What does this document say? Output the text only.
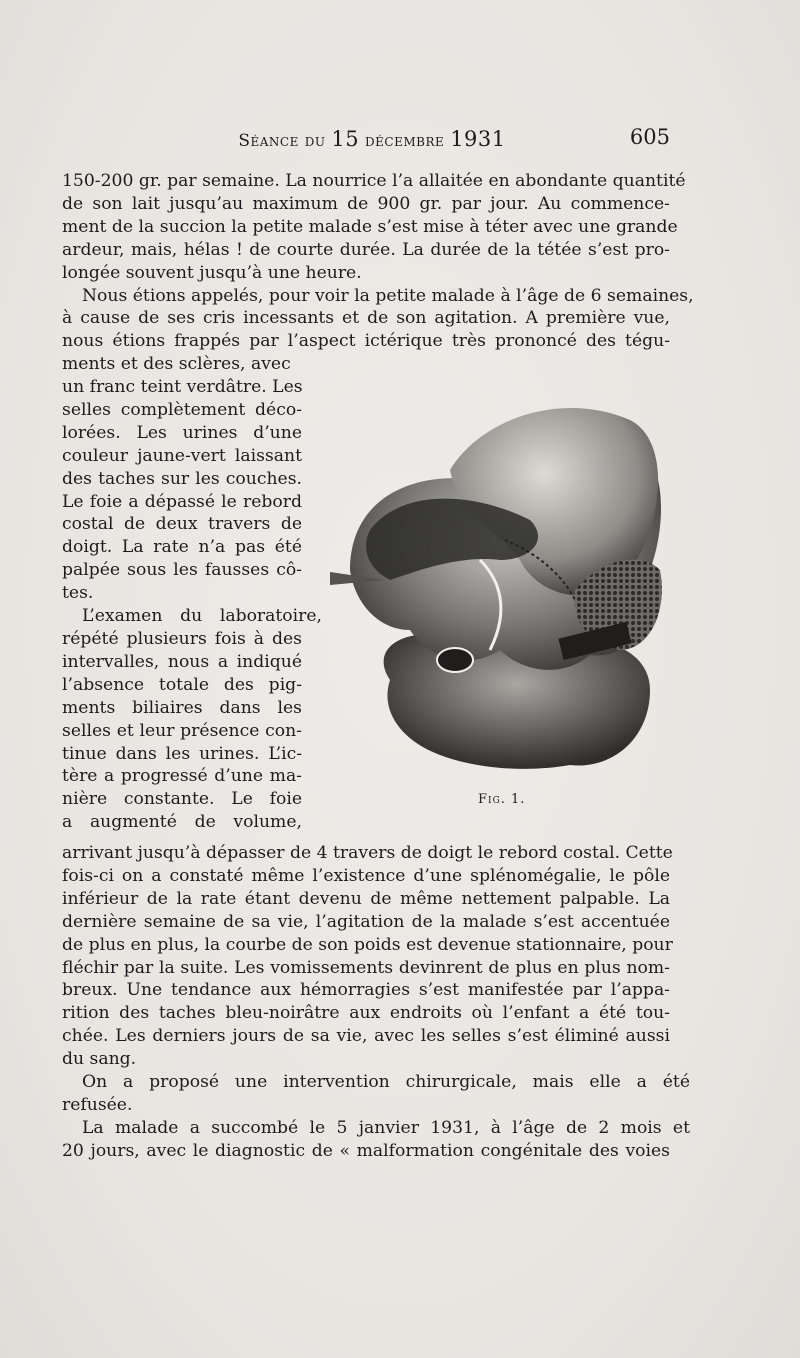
Séance du 15 décembre 1931	605
150-200 gr. par semaine. La nourrice l’a allaitée en abondante quantité
de son lait jusqu’au maximum de 900 gr. par jour. Au commence-
ment de la succion la petite malade s’est mise à téter avec une grande
ardeur, mais, hélas ! de courte durée. La durée de la tétée s’est pro-
longée souvent jusqu’à une heure.
Nous étions appelés, pour voir la petite malade à l’âge de 6 semaines,
à cause de ses cris incessants et de son agitation. A première vue,
nous étions frappés par l’aspect ictérique très prononcé des tégu-
ments et des sclères, avec
un franc teint verdâtre. Les
selles complètement déco-
lorées. Les urines d’une
couleur jaune-vert laissant
des taches sur les couches.
Le foie a dépassé le rebord
costal de deux travers de
doigt. La rate n’a pas été
palpée sous les fausses cô-
tes.
L’examen du laboratoire,
répété plusieurs fois à des
intervalles, nous a indiqué
l’absence totale des pig-
ments biliaires dans les
selles et leur présence con-
tinue dans les urines. L’ic-
tère a progressé d’une ma-
nière constante. Le foie
a augmenté de volume,
Fig. 1.
arrivant jusqu’à dépasser de 4 travers de doigt le rebord costal. Cette
fois-ci on a constaté même l’existence d’une splénomégalie, le pôle
inférieur de la rate étant devenu de même nettement palpable. La
dernière semaine de sa vie, l’agitation de la malade s’est accentuée
de plus en plus, la courbe de son poids est devenue stationnaire, pour
fléchir par la suite. Les vomissements devinrent de plus en plus nom-
breux. Une tendance aux hémorragies s’est manifestée par l’appa-
rition des taches bleu-noirâtre aux endroits où l’enfant a été tou-
chée. Les derniers jours de sa vie, avec les selles s’est éliminé aussi
du sang.
On a proposé une intervention chirurgicale, mais elle a été
refusée.
La malade a succombé le 5 janvier 1931, à l’âge de 2 mois et
20 jours, avec le diagnostic de « malformation congénitale des voies
